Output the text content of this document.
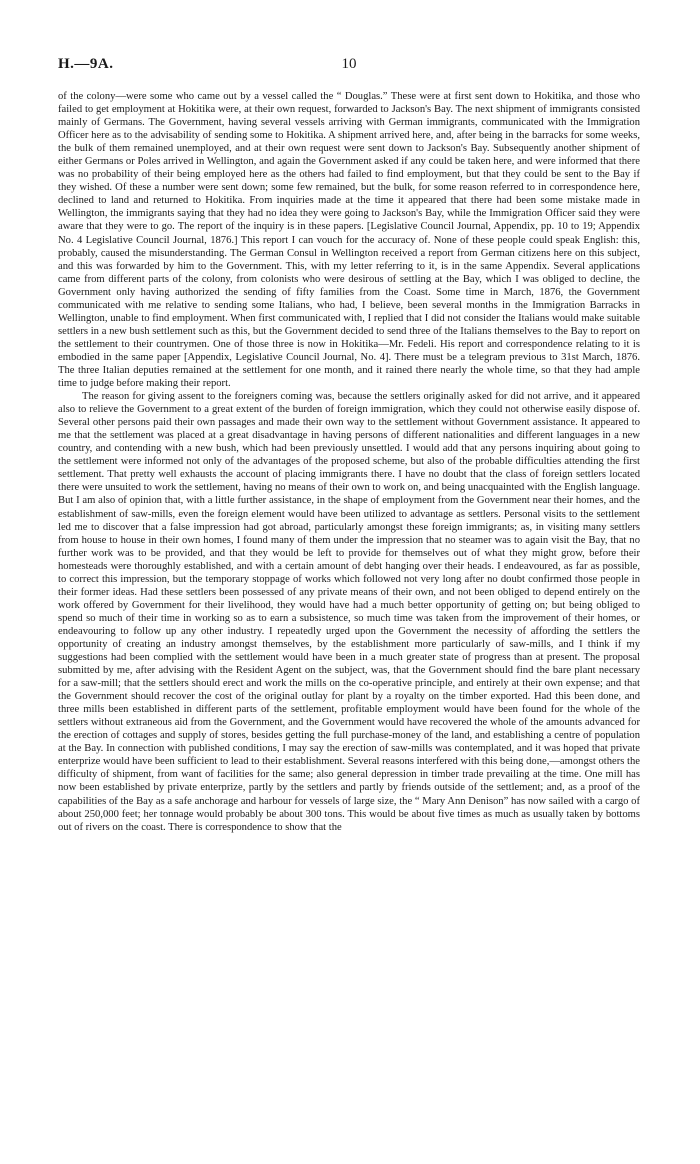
H.—9A.	10

of the colony—were some who came out by a vessel called the “ Douglas.” These were at first sent down to Hokitika, and those who failed to get employment at Hokitika were, at their own request, forwarded to Jackson's Bay. The next shipment of immigrants consisted mainly of Germans. The Government, having several vessels arriving with German immigrants, communicated with the Immigration Officer here as to the advisability of sending some to Hokitika. A shipment arrived here, and, after being in the barracks for some weeks, the bulk of them remained unemployed, and at their own request were sent down to Jackson's Bay. Subsequently another shipment of either Germans or Poles arrived in Wellington, and again the Government asked if any could be taken here, and were informed that there was no probability of their being employed here as the others had failed to find employment, but that they could be sent to the Bay if they wished. Of these a number were sent down; some few remained, but the bulk, for some reason referred to in correspondence here, declined to land and returned to Hokitika. From inquiries made at the time it appeared that there had been some mistake made in Wellington, the immigrants saying that they had no idea they were going to Jackson's Bay, while the Immigration Officer said they were aware that they were to go. The report of the inquiry is in these papers. [Legislative Council Journal, Appendix, pp. 10 to 19; Appendix No. 4 Legislative Council Journal, 1876.] This report I can vouch for the accuracy of. None of these people could speak English: this, probably, caused the misunderstanding. The German Consul in Wellington received a report from German citizens here on this subject, and this was forwarded by him to the Government. This, with my letter referring to it, is in the same Appendix. Several applications came from different parts of the colony, from colonists who were desirous of settling at the Bay, which I was obliged to decline, the Government only having authorized the sending of fifty families from the Coast. Some time in March, 1876, the Government communicated with me relative to sending some Italians, who had, I believe, been several months in the Immigration Barracks in Wellington, unable to find employment. When first communicated with, I replied that I did not consider the Italians would make suitable settlers in a new bush settlement such as this, but the Government decided to send three of the Italians themselves to the Bay to report on the settlement to their countrymen. One of those three is now in Hokitika—Mr. Fedeli. His report and correspondence relating to it is embodied in the same paper [Appendix, Legislative Council Journal, No. 4]. There must be a telegram previous to 31st March, 1876. The three Italian deputies remained at the settlement for one month, and it rained there nearly the whole time, so that they had ample time to judge before making their report.

The reason for giving assent to the foreigners coming was, because the settlers originally asked for did not arrive, and it appeared also to relieve the Government to a great extent of the burden of foreign immigration, which they could not otherwise easily dispose of. Several other persons paid their own passages and made their own way to the settlement without Government assistance. It appeared to me that the settlement was placed at a great disadvantage in having persons of different nationalities and different languages in a new country, and contending with a new bush, which had been previously unsettled. I would add that any persons inquiring about going to the settlement were informed not only of the advantages of the proposed scheme, but also of the probable difficulties attending the first settlement. That pretty well exhausts the account of placing immigrants there. I have no doubt that the class of foreign settlers located there were unsuited to work the settlement, having no means of their own to work on, and being unacquainted with the English language. But I am also of opinion that, with a little further assistance, in the shape of employment from the Government near their homes, and the establishment of saw-mills, even the foreign element would have been utilized to advantage as settlers. Personal visits to the settlement led me to discover that a false impression had got abroad, particularly amongst these foreign immigrants; as, in visiting many settlers from house to house in their own homes, I found many of them under the impression that no steamer was to again visit the Bay, that no further work was to be provided, and that they would be left to provide for themselves out of what they might grow, before their homesteads were thoroughly established, and with a certain amount of debt hanging over their heads. I endeavoured, as far as possible, to correct this impression, but the temporary stoppage of works which followed not very long after no doubt confirmed those people in their former ideas. Had these settlers been possessed of any private means of their own, and not been obliged to depend entirely on the work offered by Government for their livelihood, they would have had a much better opportunity of getting on; but being obliged to spend so much of their time in working so as to earn a subsistence, so much time was taken from the improvement of their homes, or endeavouring to follow up any other industry. I repeatedly urged upon the Government the necessity of affording the settlers the opportunity of creating an industry amongst themselves, by the establishment more particularly of saw-mills, and I think if my suggestions had been complied with the settlement would have been in a much greater state of progress than at present. The proposal submitted by me, after advising with the Resident Agent on the subject, was, that the Government should find the bare plant necessary for a saw-mill; that the settlers should erect and work the mills on the co-operative principle, and entirely at their own expense; and that the Government should recover the cost of the original outlay for plant by a royalty on the timber exported. Had this been done, and three mills been established in different parts of the settlement, profitable employment would have been found for the whole of the settlers without extraneous aid from the Government, and the Government would have recovered the whole of the amounts advanced for the erection of cottages and supply of stores, besides getting the full purchase-money of the land, and establishing a centre of population at the Bay. In connection with published conditions, I may say the erection of saw-mills was contemplated, and it was hoped that private enterprize would have been sufficient to lead to their establishment. Several reasons interfered with this being done,—amongst others the difficulty of shipment, from want of facilities for the same; also general depression in timber trade prevailing at the time. One mill has now been established by private enterprize, partly by the settlers and partly by friends outside of the settlement; and, as a proof of the capabilities of the Bay as a safe anchorage and harbour for vessels of large size, the “ Mary Ann Denison” has now sailed with a cargo of about 250,000 feet; her tonnage would probably be about 300 tons. This would be about five times as much as usually taken by bottoms out of rivers on the coast. There is correspondence to show that the
